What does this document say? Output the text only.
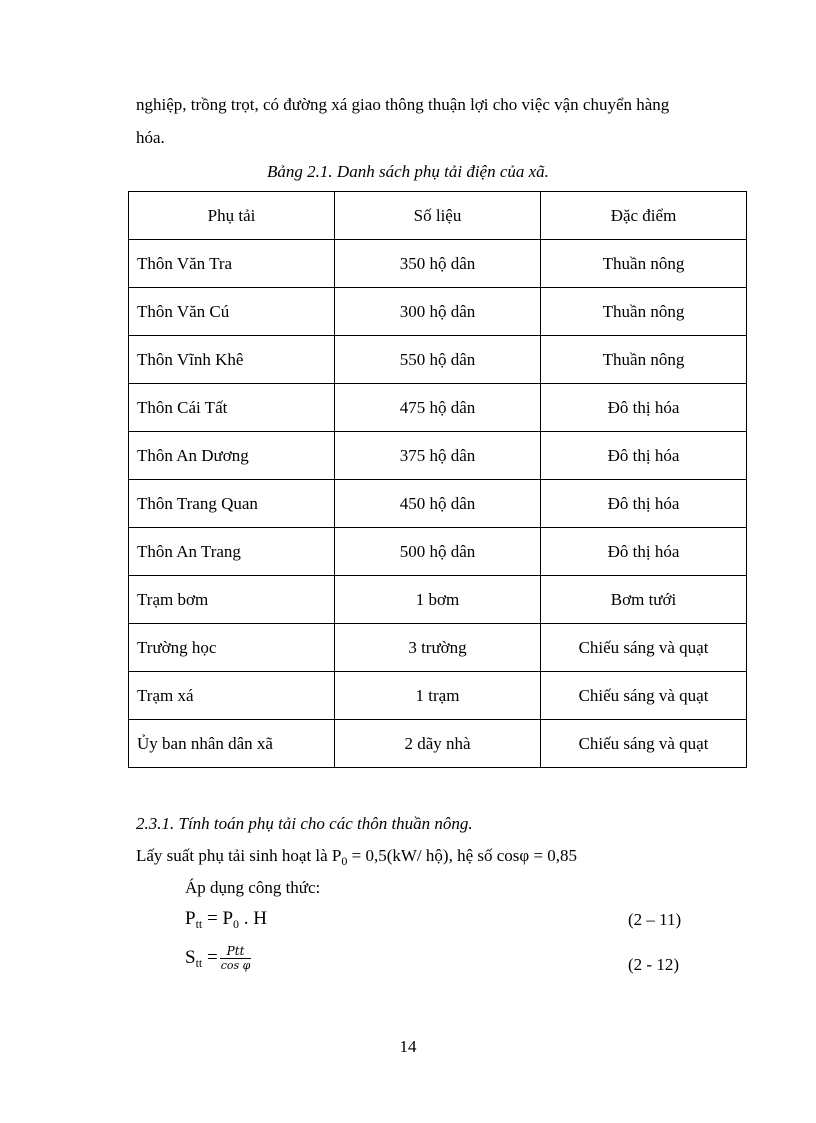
nghiệp, trồng trọt, có đường xá giao thông thuận lợi cho việc vận chuyển hàng
hóa.
Bảng 2.1. Danh sách phụ tải điện của xã.
Phụ tải	Số liệu	Đặc điểm
Thôn Văn Tra	350 hộ dân	Thuần nông
Thôn Văn Cú	300 hộ dân	Thuần nông
Thôn Vĩnh Khê	550 hộ dân	Thuần nông
Thôn Cái Tất	475 hộ dân	Đô thị hóa
Thôn An Dương	375 hộ dân	Đô thị hóa
Thôn Trang Quan	450 hộ dân	Đô thị hóa
Thôn An Trang	500 hộ dân	Đô thị hóa
Trạm bơm	1 bơm	Bơm tưới
Trường học	3 trường	Chiếu sáng và quạt
Trạm xá	1 trạm	Chiếu sáng và quạt
Ủy ban nhân dân xã	2 dãy nhà	Chiếu sáng và quạt
2.3.1. Tính toán phụ tải cho các thôn thuần nông.
Lấy suất phụ tải sinh hoạt là $P_0 = 0,5(kW/$ hộ), hệ số cosφ = 0,85
Áp dụng công thức:
$P_{tt} = P_0$ . H	(2 – 11)
$S_{tt} = \frac{\text{Ptt}}{\text{cos φ}}$	(2 - 12)
14
